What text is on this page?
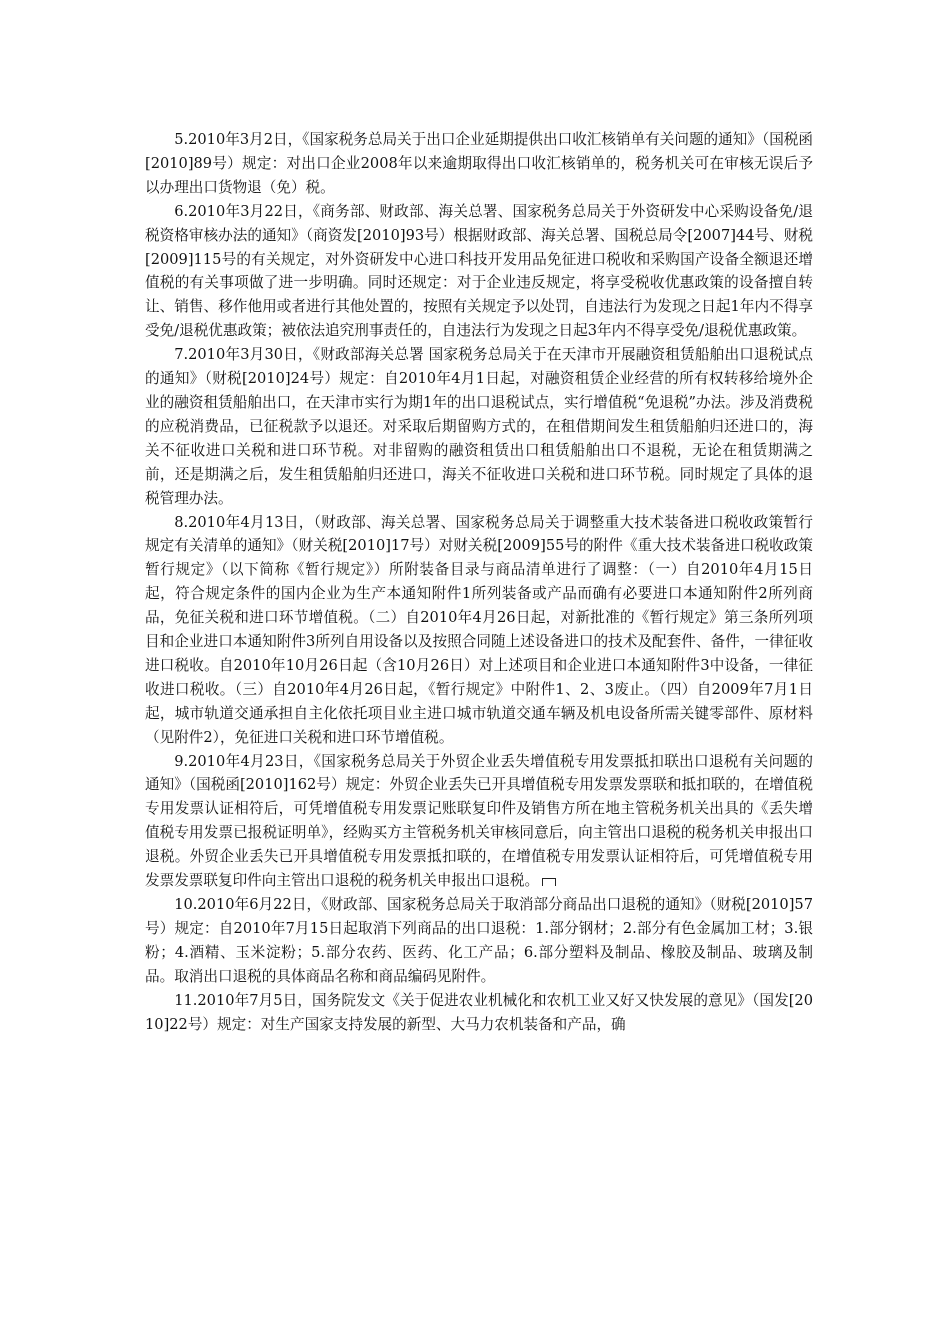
5.2010年3月2日，《国家税务总局关于出口企业延期提供出口收汇核销单有关问题的通知》（国税函[2010]89号）规定：对出口企业2008年以来逾期取得出口收汇核销单的，税务机关可在审核无误后予以办理出口货物退（免）税。

6.2010年3月22日，《商务部、财政部、海关总署、国家税务总局关于外资研发中心采购设备免/退税资格审核办法的通知》（商资发[2010]93号）根据财政部、海关总署、国税总局令[2007]44号、财税[2009]115号的有关规定，对外资研发中心进口科技开发用品免征进口税收和采购国产设备全额退还增值税的有关事项做了进一步明确。同时还规定：对于企业违反规定，将享受税收优惠政策的设备擅自转让、销售、移作他用或者进行其他处置的，按照有关规定予以处罚，自违法行为发现之日起1年内不得享受免/退税优惠政策；被依法追究刑事责任的，自违法行为发现之日起3年内不得享受免/退税优惠政策。

7.2010年3月30日，《财政部海关总署 国家税务总局关于在天津市开展融资租赁船舶出口退税试点的通知》（财税[2010]24号）规定：自2010年4月1日起，对融资租赁企业经营的所有权转移给境外企业的融资租赁船舶出口，在天津市实行为期1年的出口退税试点，实行增值税“免退税”办法。涉及消费税的应税消费品，已征税款予以退还。对采取后期留购方式的，在租借期间发生租赁船舶归还进口的，海关不征收进口关税和进口环节税。对非留购的融资租赁出口租赁船舶出口不退税，无论在租赁期满之前，还是期满之后，发生租赁船舶归还进口，海关不征收进口关税和进口环节税。同时规定了具体的退税管理办法。

8.2010年4月13日，（财政部、海关总署、国家税务总局关于调整重大技术装备进口税收政策暂行规定有关清单的通知》（财关税[2010]17号）对财关税[2009]55号的附件《重大技术装备进口税收政策暂行规定》（以下简称《暂行规定》）所附装备目录与商品清单进行了调整：（一）自2010年4月15日起，符合规定条件的国内企业为生产本通知附件1所列装备或产品而确有必要进口本通知附件2所列商品，免征关税和进口环节增值税。（二）自2010年4月26日起，对新批准的《暂行规定》第三条所列项目和企业进口本通知附件3所列自用设备以及按照合同随上述设备进口的技术及配套件、备件，一律征收进口税收。自2010年10月26日起（含10月26日）对上述项目和企业进口本通知附件3中设备，一律征收进口税收。（三）自2010年4月26日起，《暂行规定》中附件1、2、3废止。（四）自2009年7月1日起，城市轨道交通承担自主化依托项目业主进口城市轨道交通车辆及机电设备所需关键零部件、原材料（见附件2），免征进口关税和进口环节增值税。

9.2010年4月23日，《国家税务总局关于外贸企业丢失增值税专用发票抵扣联出口退税有关问题的通知》（国税函[2010]162号）规定：外贸企业丢失已开具增值税专用发票发票联和抵扣联的，在增值税专用发票认证相符后，可凭增值税专用发票记账联复印件及销售方所在地主管税务机关出具的《丢失增值税专用发票已报税证明单》，经购买方主管税务机关审核同意后，向主管出口退税的税务机关申报出口退税。外贸企业丢失已开具增值税专用发票抵扣联的，在增值税专用发票认证相符后，可凭增值税专用发票发票联复印件向主管出口退税的税务机关申报出口退税。

10.2010年6月22日，《财政部、国家税务总局关于取消部分商品出口退税的通知》（财税[2010]57号）规定：自2010年7月15日起取消下列商品的出口退税：1.部分钢材；2.部分有色金属加工材；3.银粉；4.酒精、玉米淀粉；5.部分农药、医药、化工产品；6.部分塑料及制品、橡胶及制品、玻璃及制品。取消出口退税的具体商品名称和商品编码见附件。

11.2010年7月5日，国务院发文《关于促进农业机械化和农机工业又好又快发展的意见》（国发[2010]22号）规定：对生产国家支持发展的新型、大马力农机装备和产品，确
